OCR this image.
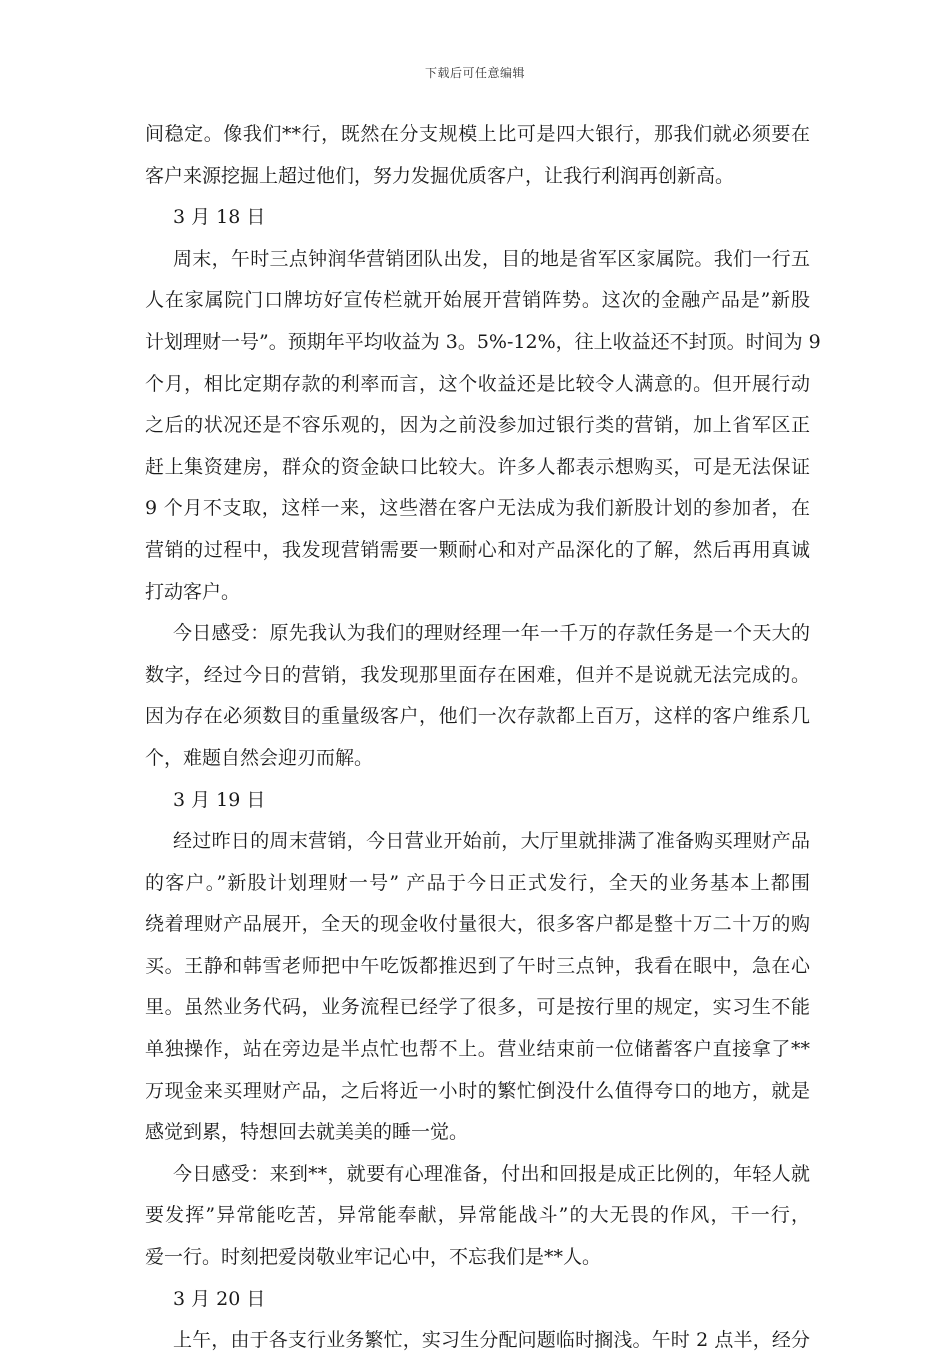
下载后可任意编辑
间稳定。像我们**行，既然在分支规模上比可是四大银行，那我们就必须要在
客户来源挖掘上超过他们，努力发掘优质客户，让我行利润再创新高。
3 月 18 日
周末，午时三点钟润华营销团队出发，目的地是省军区家属院。我们一行五
人在家属院门口牌坊好宣传栏就开始展开营销阵势。这次的金融产品是”新股
计划理财一号”。预期年平均收益为 3。5%-12%，往上收益还不封顶。时间为 9
个月，相比定期存款的利率而言，这个收益还是比较令人满意的。但开展行动
之后的状况还是不容乐观的，因为之前没参加过银行类的营销，加上省军区正
赶上集资建房，群众的资金缺口比较大。许多人都表示想购买，可是无法保证
9 个月不支取，这样一来，这些潜在客户无法成为我们新股计划的参加者，在
营销的过程中，我发现营销需要一颗耐心和对产品深化的了解，然后再用真诚
打动客户。
今日感受：原先我认为我们的理财经理一年一千万的存款任务是一个天大的
数字，经过今日的营销，我发现那里面存在困难，但并不是说就无法完成的。
因为存在必须数目的重量级客户，他们一次存款都上百万，这样的客户维系几
个，难题自然会迎刃而解。
3 月 19 日
经过昨日的周末营销，今日营业开始前，大厅里就排满了准备购买理财产品
的客户。”新股计划理财一号” 产品于今日正式发行，全天的业务基本上都围
绕着理财产品展开，全天的现金收付量很大，很多客户都是整十万二十万的购
买。王静和韩雪老师把中午吃饭都推迟到了午时三点钟，我看在眼中，急在心
里。虽然业务代码，业务流程已经学了很多，可是按行里的规定，实习生不能
单独操作，站在旁边是半点忙也帮不上。营业结束前一位储蓄客户直接拿了**
万现金来买理财产品，之后将近一小时的繁忙倒没什么值得夸口的地方，就是
感觉到累，特想回去就美美的睡一觉。
今日感受：来到**，就要有心理准备，付出和回报是成正比例的，年轻人就
要发挥”异常能吃苦，异常能奉献，异常能战斗”的大无畏的作风，干一行，
爱一行。时刻把爱岗敬业牢记心中，不忘我们是**人。
3 月 20 日
上午，由于各支行业务繁忙，实习生分配问题临时搁浅。午时 2 点半，经分
